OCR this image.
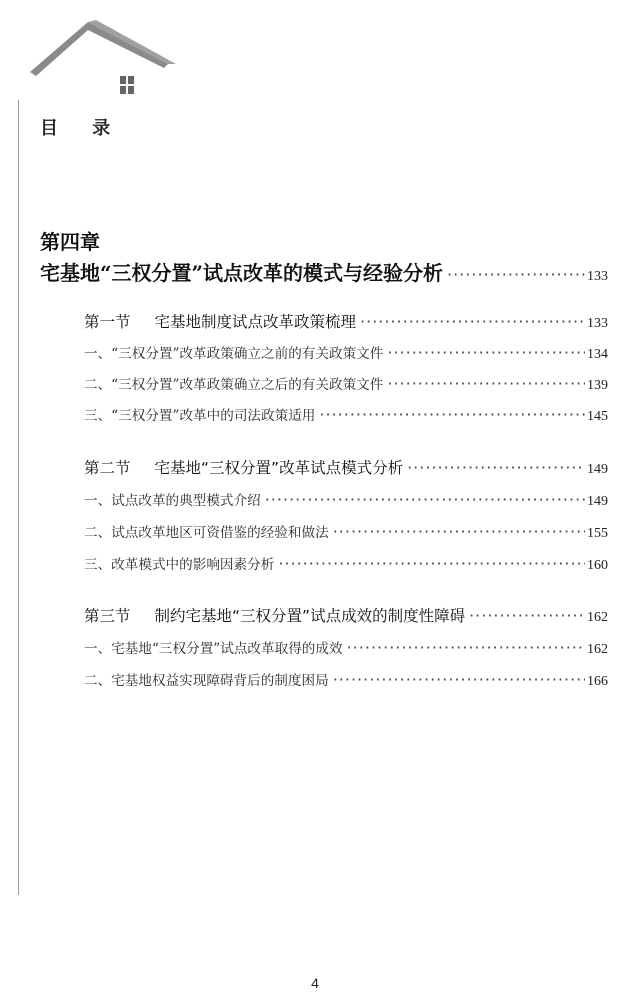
目 录
第四章
宅基地“三权分置”试点改革的模式与经验分析 ·····	133
第一节 宅基地制度试点改革政策梳理 ·····	133
一、“三权分置”改革政策确立之前的有关政策文件 ·····	134
二、“三权分置”改革政策确立之后的有关政策文件 ·····	139
三、“三权分置”改革中的司法政策适用 ·····	145
第二节 宅基地“三权分置”改革试点模式分析 ·····	149
一、试点改革的典型模式介绍 ·····	149
二、试点改革地区可资借鉴的经验和做法 ·····	155
三、改革模式中的影响因素分析 ·····	160
第三节 制约宅基地“三权分置”试点成效的制度性障碍 ·····	162
一、宅基地“三权分置”试点改革取得的成效 ·····	162
二、宅基地权益实现障碍背后的制度困局 ·····	166
4
